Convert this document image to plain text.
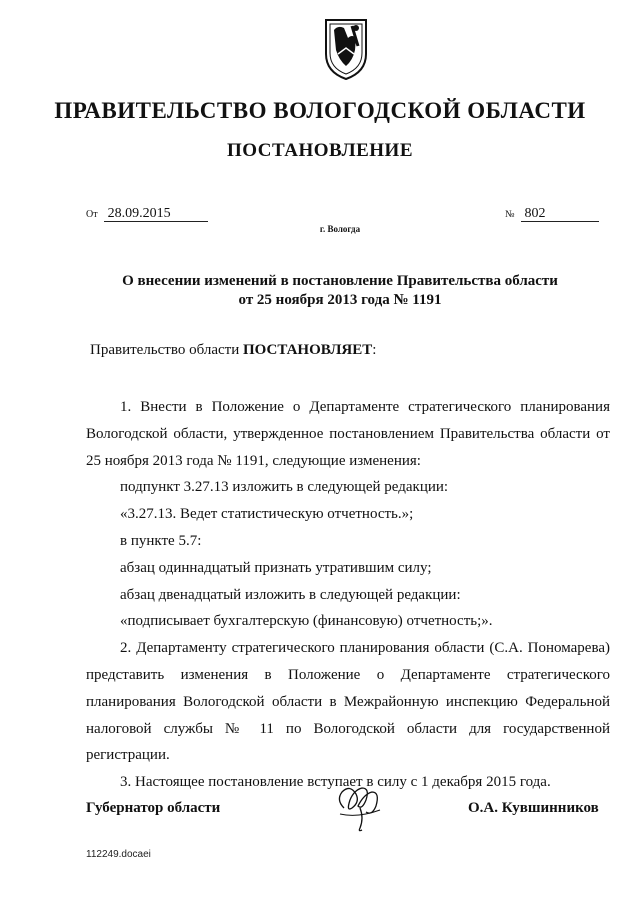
ПРАВИТЕЛЬСТВО ВОЛОГОДСКОЙ ОБЛАСТИ
ПОСТАНОВЛЕНИЕ
От 28.09.2015	№ 802
г. Вологда
О внесении изменений в постановление Правительства области
от 25 ноября 2013 года № 1191
Правительство области ПОСТАНОВЛЯЕТ:

1. Внести в Положение о Департаменте стратегического планирования Вологодской области, утвержденное постановлением Правительства области от 25 ноября 2013 года № 1191, следующие изменения:

подпункт 3.27.13 изложить в следующей редакции:

«3.27.13. Ведет статистическую отчетность.»;

в пункте 5.7:

абзац одиннадцатый признать утратившим силу;

абзац двенадцатый изложить в следующей редакции:

«подписывает бухгалтерскую (финансовую) отчетность;».

2. Департаменту стратегического планирования области (С.А. Пономарева) представить изменения в Положение о Департаменте стратегического планирования Вологодской области в Межрайонную инспекцию Федеральной налоговой службы № 11 по Вологодской области для государственной регистрации.

3. Настоящее постановление вступает в силу с 1 декабря 2015 года.

Губернатор области	О.А. Кувшинников
112249.docaei
